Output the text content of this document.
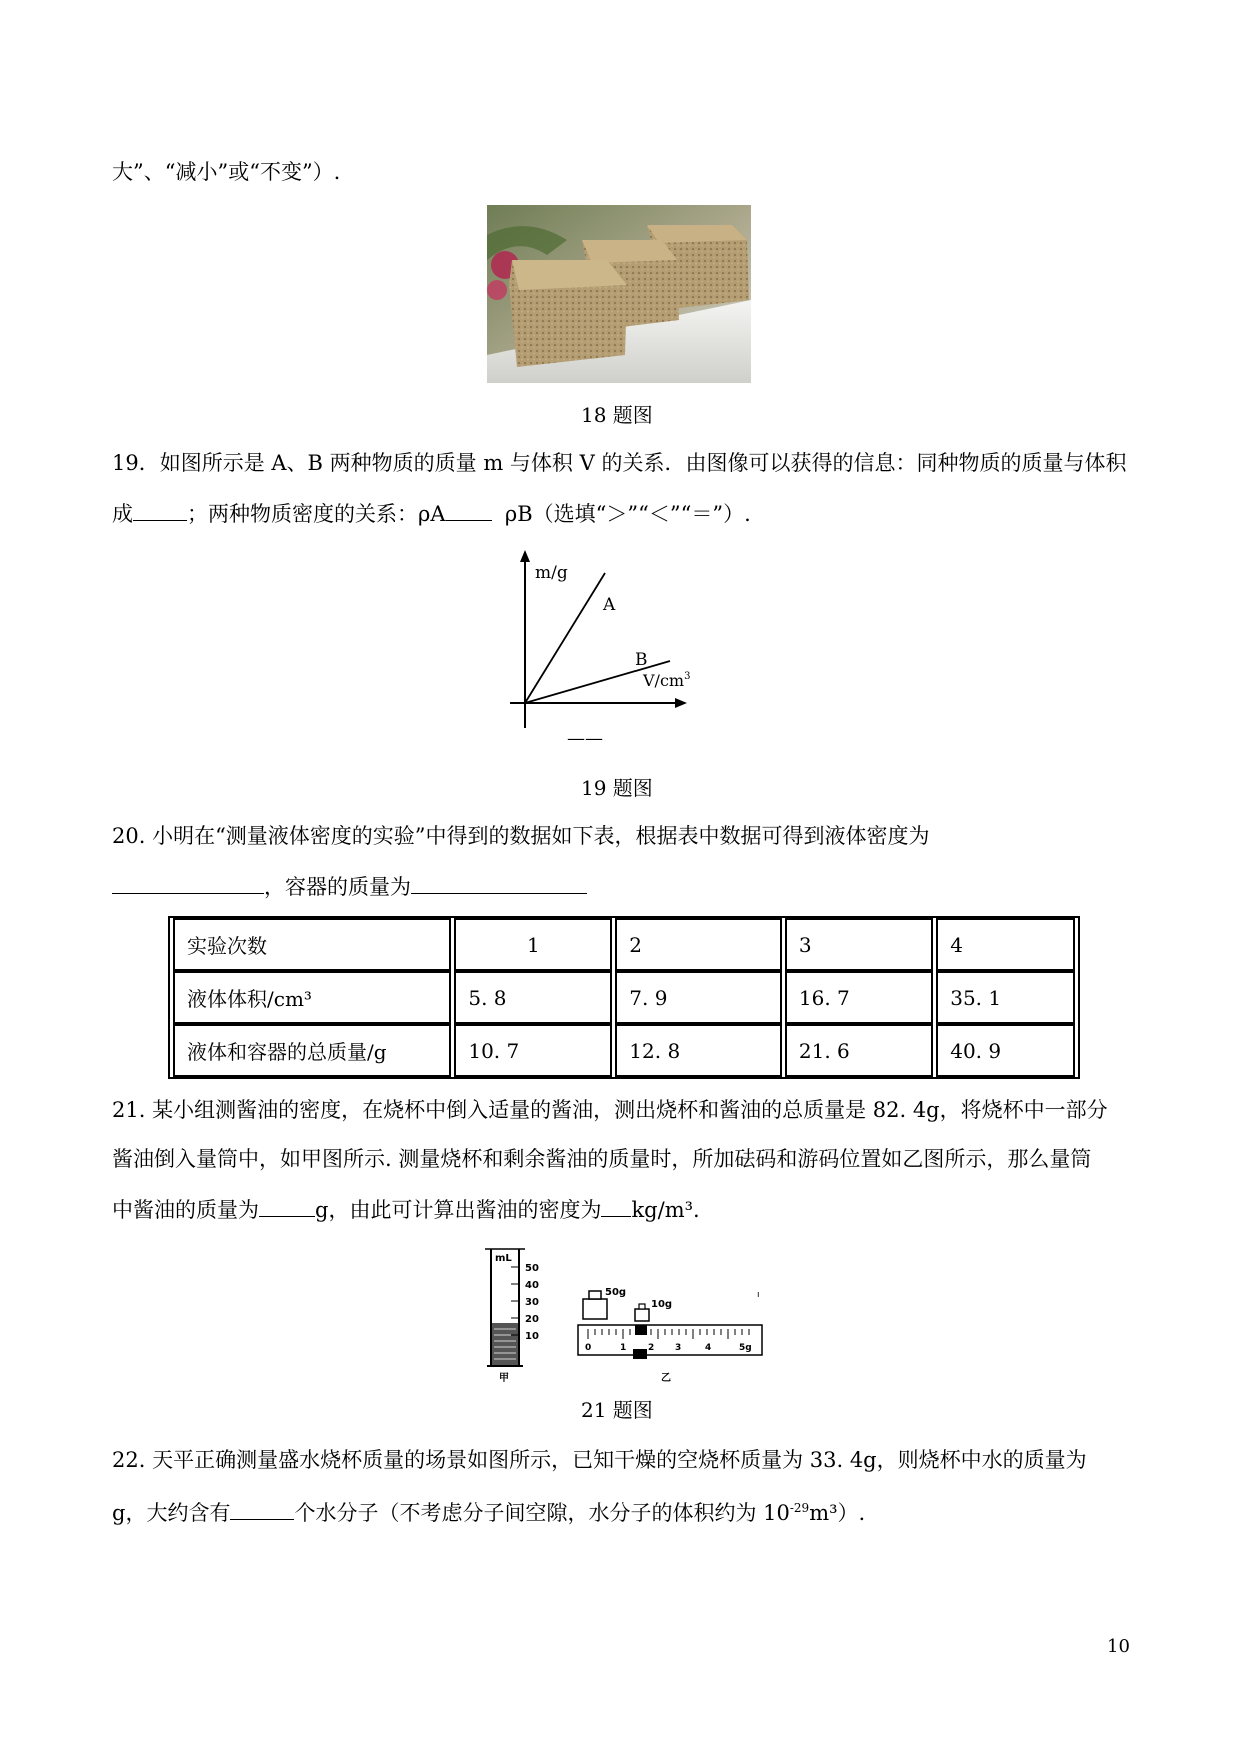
大”、“减小”或“不变”）.
18 题图
19．如图所示是 A、B 两种物质的质量 m 与体积 V 的关系．由图像可以获得的信息：同种物质的质量与体积
成	；两种物质密度的关系：ρA	ρB（选填“＞”“＜”“＝”）.
m/g
A
B
$V/cm^3$
——
19 题图
20. 小明在“测量液体密度的实验”中得到的数据如下表，根据表中数据可得到液体密度为
，容器的质量为
实验次数	1	2	3	4
液体体积/cm³	5. 8	7. 9	16. 7	35. 1
液体和容器的总质量/g	10. 7	12. 8	21. 6	40. 9
21. 某小组测酱油的密度，在烧杯中倒入适量的酱油，测出烧杯和酱油的总质量是 82. 4g，将烧杯中一部分
酱油倒入量筒中，如甲图所示. 测量烧杯和剩余酱油的质量时，所加砝码和游码位置如乙图所示，那么量筒
中酱油的质量为	g，由此可计算出酱油的密度为 kg/m³.
mL
50
40
30
20
10
甲
50g
10g
ı
0	1 2 3	4	5g
乙
21 题图
22. 天平正确测量盛水烧杯质量的场景如图所示，已知干燥的空烧杯质量为 33. 4g，则烧杯中水的质量为
g，大约含有	个水分子（不考虑分子间空隙，水分子的体积约为 $10^{-29}m^3$）.
10
